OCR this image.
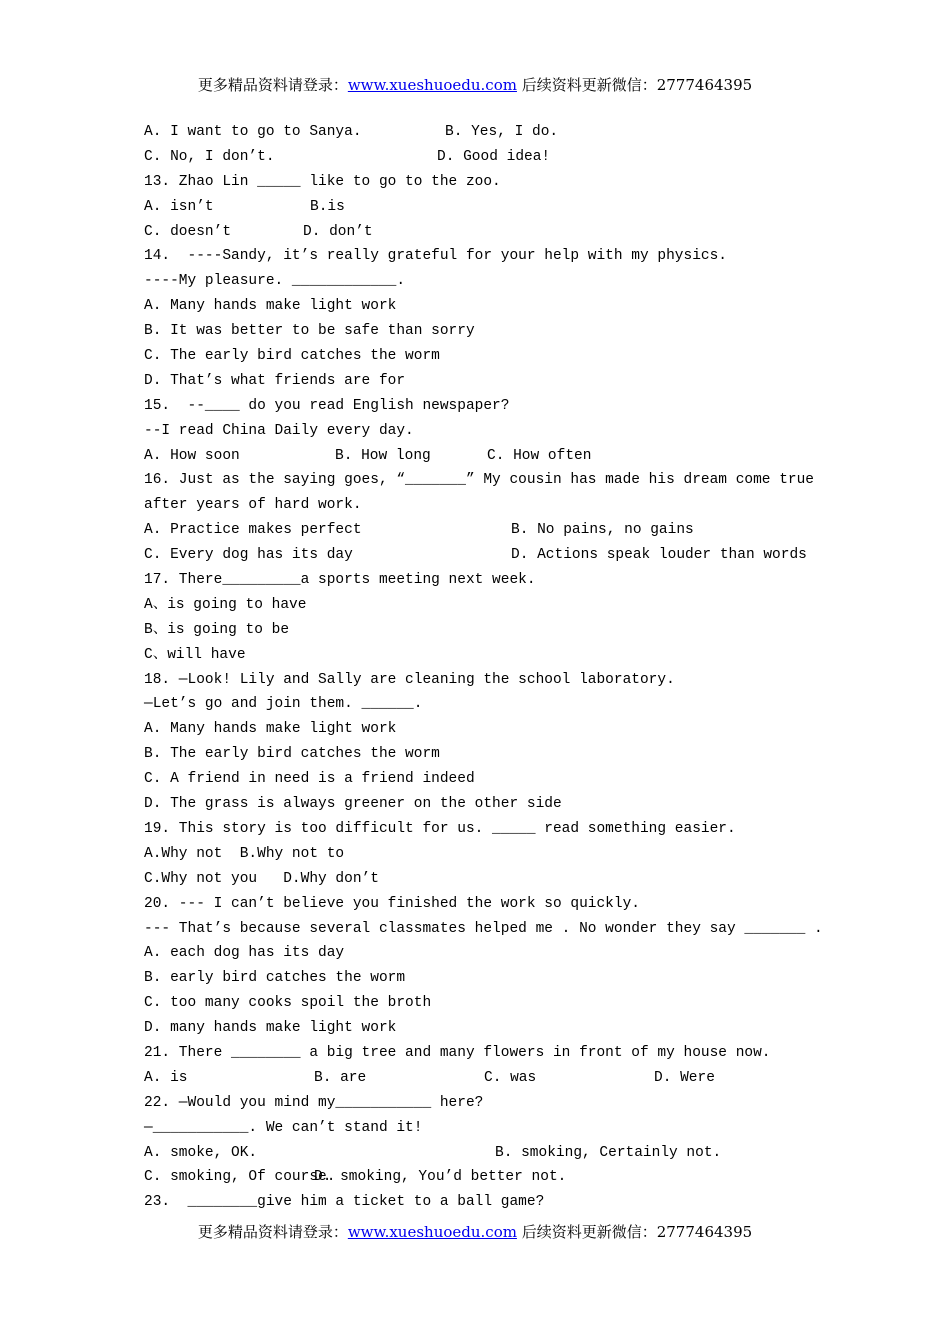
更多精品资料请登录：www.xueshuoedu.com 后续资料更新微信：2777464395
A. I want to go to Sanya.	B. Yes, I do.
C. No, I don’t.	D. Good idea!
13. Zhao Lin _____ like to go to the zoo.
A. isn’t	B.is
C. doesn’t	D. don’t
14.  ----Sandy, it’s really grateful for your help with my physics.
----My pleasure. ____________.
A. Many hands make light work
B. It was better to be safe than sorry
C. The early bird catches the worm
D. That’s what friends are for
15.  --____ do you read English newspaper?
--I read China Daily every day.
A. How soon	B. How long	C. How often
16. Just as the saying goes, “_______” My cousin has made his dream come true
after years of hard work.
A. Practice makes perfect	B. No pains, no gains
C. Every dog has its day	D. Actions speak louder than words
17. There_________a sports meeting next week.
A、is going to have
B、is going to be
C、will have
18. —Look! Lily and Sally are cleaning the school laboratory.
—Let’s go and join them. ______.
A. Many hands make light work
B. The early bird catches the worm
C. A friend in need is a friend indeed
D. The grass is always greener on the other side
19. This story is too difficult for us. _____ read something easier.
A.Why not  B.Why not to
C.Why not you   D.Why don’t
20. --- I can’t believe you finished the work so quickly.
--- That’s because several classmates helped me . No wonder they say _______ .
A. each dog has its day
B. early bird catches the worm
C. too many cooks spoil the broth
D. many hands make light work
21. There ________ a big tree and many flowers in front of my house now.
A. is	B. are	C. was	D. Were
22. —Would you mind my___________ here?
—___________. We can’t stand it!
A. smoke, OK.	B. smoking, Certainly not.
C. smoking, Of course.
D. smoking, You’d better not.
23.  ________give him a ticket to a ball game?
更多精品资料请登录：www.xueshuoedu.com 后续资料更新微信：2777464395
